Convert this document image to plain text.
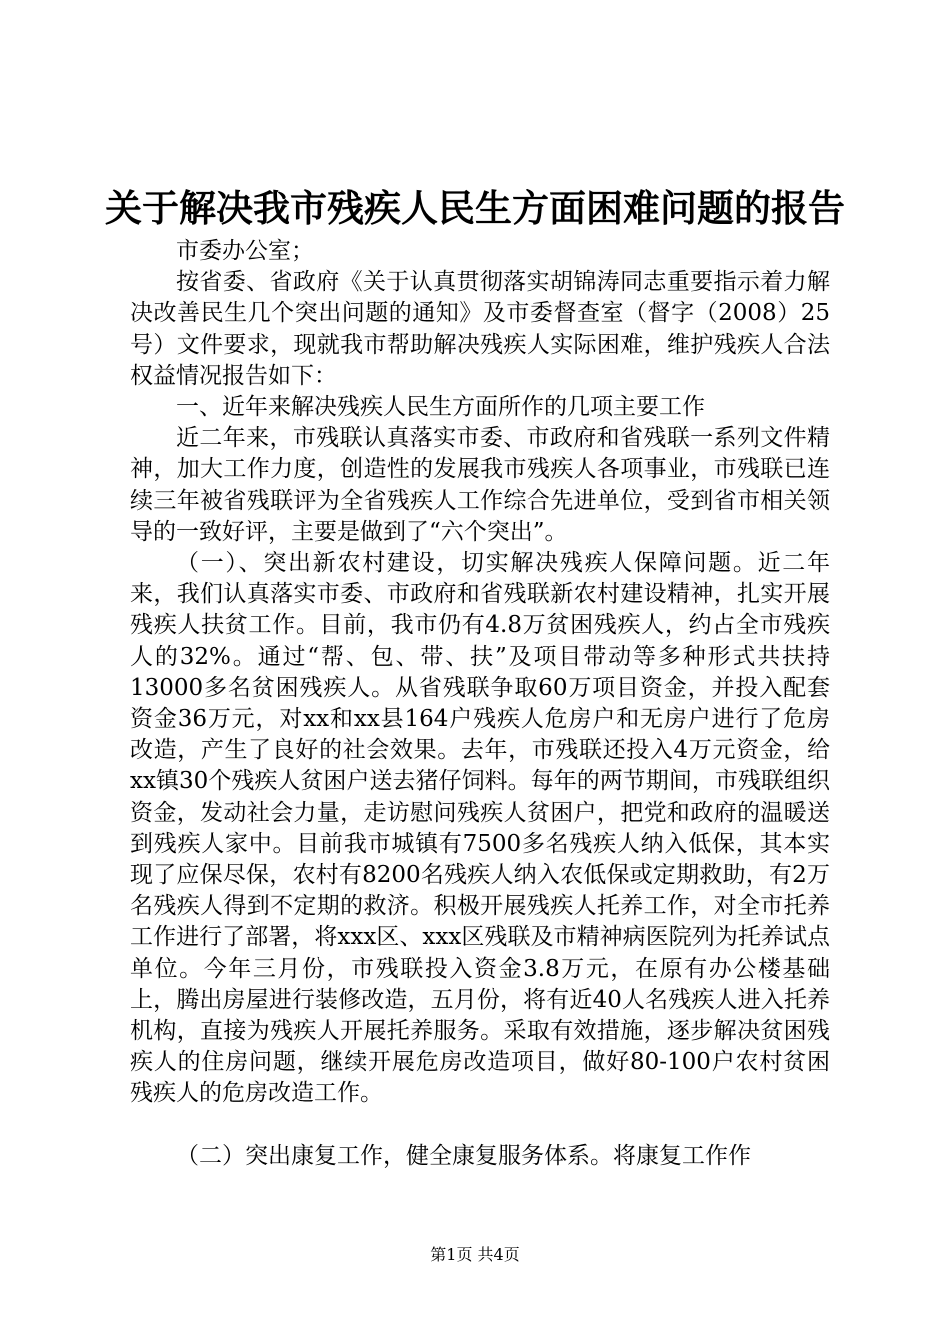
关于解决我市残疾人民生方面困难问题的报告

市委办公室；

按省委、省政府《关于认真贯彻落实胡锦涛同志重要指示着力解决改善民生几个突出问题的通知》及市委督查室（督字（2008）25号）文件要求，现就我市帮助解决残疾人实际困难，维护残疾人合法权益情况报告如下：

一、近年来解决残疾人民生方面所作的几项主要工作

近二年来，市残联认真落实市委、市政府和省残联一系列文件精神，加大工作力度，创造性的发展我市残疾人各项事业，市残联已连续三年被省残联评为全省残疾人工作综合先进单位，受到省市相关领导的一致好评，主要是做到了“六个突出”。

（一）、突出新农村建设，切实解决残疾人保障问题。近二年来，我们认真落实市委、市政府和省残联新农村建设精神，扎实开展残疾人扶贫工作。目前，我市仍有4.8万贫困残疾人，约占全市残疾人的32%。通过“帮、包、带、扶”及项目带动等多种形式共扶持13000多名贫困残疾人。从省残联争取60万项目资金，并投入配套资金36万元，对xx和xx县164户残疾人危房户和无房户进行了危房改造，产生了良好的社会效果。去年，市残联还投入4万元资金，给xx镇30个残疾人贫困户送去猪仔饲料。每年的两节期间，市残联组织资金，发动社会力量，走访慰问残疾人贫困户，把党和政府的温暖送到残疾人家中。目前我市城镇有7500多名残疾人纳入低保，其本实现了应保尽保，农村有8200名残疾人纳入农低保或定期救助，有2万名残疾人得到不定期的救济。积极开展残疾人托养工作，对全市托养工作进行了部署，将xxx区、xxx区残联及市精神病医院列为托养试点单位。今年三月份，市残联投入资金3.8万元，在原有办公楼基础上，腾出房屋进行装修改造，五月份，将有近40人名残疾人进入托养机构，直接为残疾人开展托养服务。采取有效措施，逐步解决贫困残疾人的住房问题，继续开展危房改造项目，做好80-100户农村贫困残疾人的危房改造工作。

（二）突出康复工作，健全康复服务体系。将康复工作作

第1页 共4页
